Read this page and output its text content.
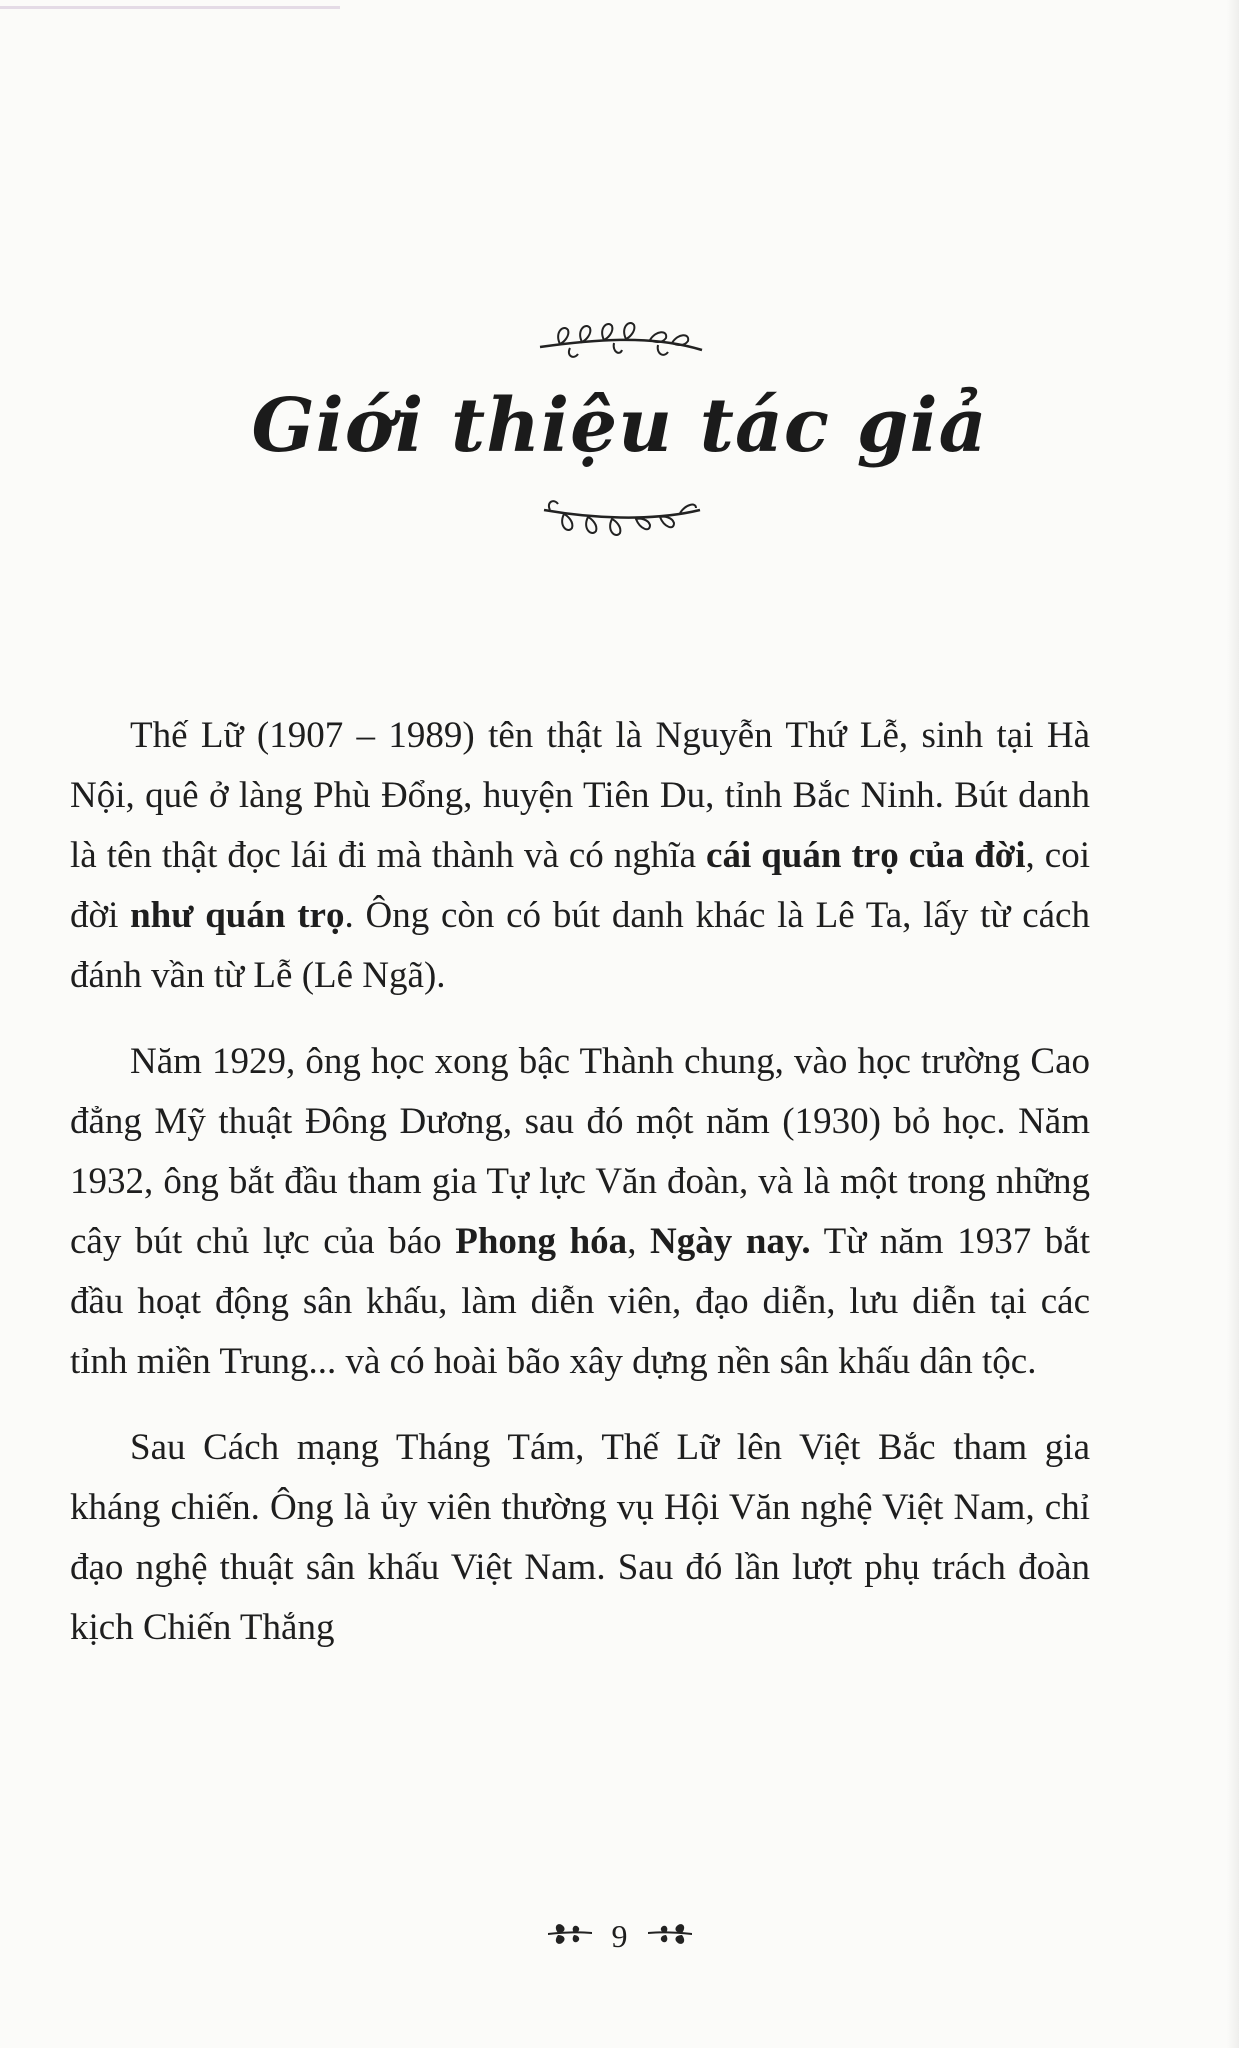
Giới thiệu tác giả

Thế Lữ (1907 – 1989) tên thật là Nguyễn Thứ Lễ, sinh tại Hà Nội, quê ở làng Phù Đổng, huyện Tiên Du, tỉnh Bắc Ninh. Bút danh là tên thật đọc lái đi mà thành và có nghĩa cái quán trọ của đời, coi đời như quán trọ. Ông còn có bút danh khác là Lê Ta, lấy từ cách đánh vần từ Lễ (Lê Ngã).

Năm 1929, ông học xong bậc Thành chung, vào học trường Cao đẳng Mỹ thuật Đông Dương, sau đó một năm (1930) bỏ học. Năm 1932, ông bắt đầu tham gia Tự lực Văn đoàn, và là một trong những cây bút chủ lực của báo Phong hóa, Ngày nay. Từ năm 1937 bắt đầu hoạt động sân khấu, làm diễn viên, đạo diễn, lưu diễn tại các tỉnh miền Trung... và có hoài bão xây dựng nền sân khấu dân tộc.

Sau Cách mạng Tháng Tám, Thế Lữ lên Việt Bắc tham gia kháng chiến. Ông là ủy viên thường vụ Hội Văn nghệ Việt Nam, chỉ đạo nghệ thuật sân khấu Việt Nam. Sau đó lần lượt phụ trách đoàn kịch Chiến Thắng

9
